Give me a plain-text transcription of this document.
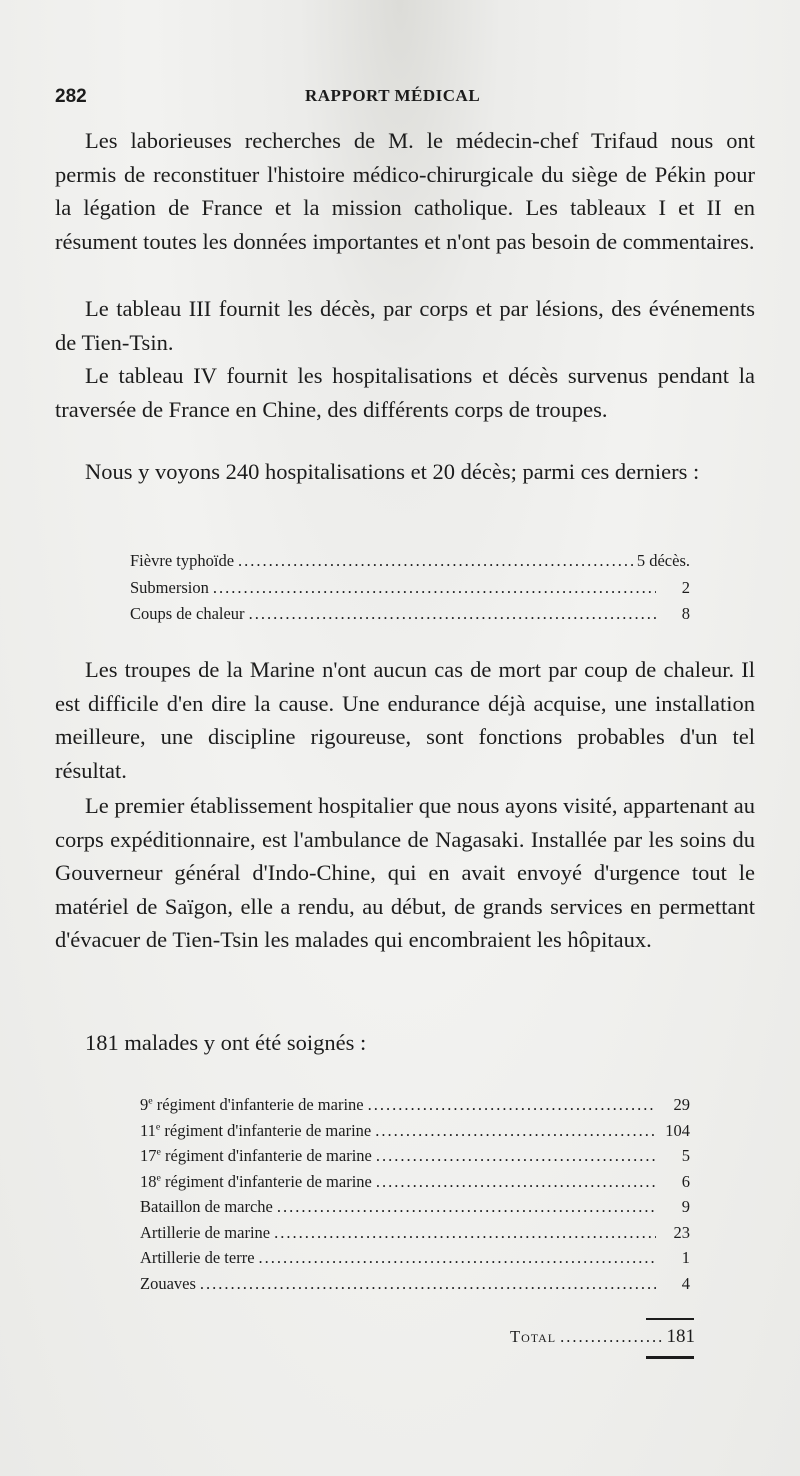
282	RAPPORT MÉDICAL

Les laborieuses recherches de M. le médecin-chef Trifaud nous ont permis de reconstituer l'histoire médico-chirurgicale du siège de Pékin pour la légation de France et la mission catholique. Les tableaux I et II en résument toutes les données importantes et n'ont pas besoin de commentaires.

Le tableau III fournit les décès, par corps et par lésions, des événements de Tien-Tsin.

Le tableau IV fournit les hospitalisations et décès survenus pendant la traversée de France en Chine, des différents corps de troupes.

Nous y voyons 240 hospitalisations et 20 décès; parmi ces derniers :

Fièvre typhoïde .....	5 décès.
Submersion .....	2
Coups de chaleur .....	8

Les troupes de la Marine n'ont aucun cas de mort par coup de chaleur. Il est difficile d'en dire la cause. Une endurance déjà acquise, une installation meilleure, une discipline rigoureuse, sont fonctions probables d'un tel résultat.

Le premier établissement hospitalier que nous ayons visité, appartenant au corps expéditionnaire, est l'ambulance de Nagasaki. Installée par les soins du Gouverneur général d'Indo-Chine, qui en avait envoyé d'urgence tout le matériel de Saïgon, elle a rendu, au début, de grands services en permettant d'évacuer de Tien-Tsin les malades qui encombraient les hôpitaux.

181 malades y ont été soignés :

9e régiment d'infanterie de marine .....	29
11e régiment d'infanterie de marine .....	104
17e régiment d'infanterie de marine .....	5
18e régiment d'infanterie de marine .....	6
Bataillon de marche .....	9
Artillerie de marine .....	23
Artillerie de terre .....	1
Zouaves .....	4
Total .....	181
